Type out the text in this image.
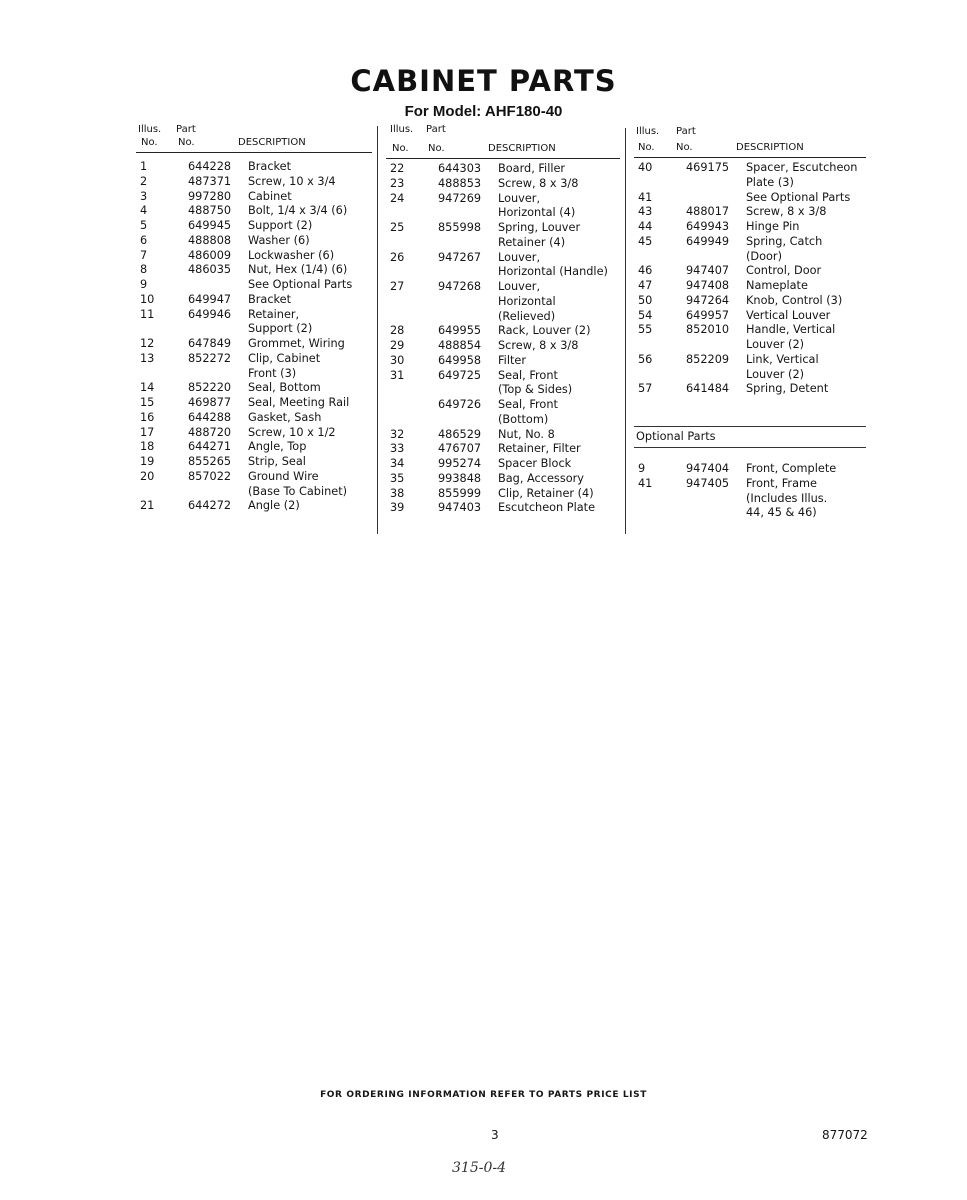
CABINET PARTS
For Model: AHF180-40
Illus. Part
No. No.	DESCRIPTION
1	644228 Bracket
2	487371 Screw, 10 x 3/4
3	997280 Cabinet
4	488750 Bolt, 1/4 x 3/4 (6)
5	649945 Support (2)
6	488808 Washer (6)
7	486009 Lockwasher (6)
8	486035 Nut, Hex (1/4) (6)
9	See Optional Parts
10	649947 Bracket
11	649946 Retainer,
Support (2)
12	647849 Grommet, Wiring
13	852272 Clip, Cabinet
Front (3)
14	852220 Seal, Bottom
15	469877 Seal, Meeting Rail
16	644288 Gasket, Sash
17	488720 Screw, 10 x 1/2
18	644271 Angle, Top
19	855265 Strip, Seal
20	857022 Ground Wire
(Base To Cabinet)
21	644272 Angle (2)
Illus. Part
No. No.	DESCRIPTION
22	644303 Board, Filler
23	488853 Screw, 8 x 3/8
24	947269 Louver,
Horizontal (4)
25	855998 Spring, Louver
Retainer (4)
26	947267 Louver,
Horizontal (Handle)
27	947268 Louver,
Horizontal
(Relieved)
28	649955 Rack, Louver (2)
29	488854 Screw, 8 x 3/8
30	649958 Filter
31	649725 Seal, Front
(Top & Sides)
649726 Seal, Front
(Bottom)
32	486529 Nut, No. 8
33	476707 Retainer, Filter
34	995274 Spacer Block
35	993848 Bag, Accessory
38	855999 Clip, Retainer (4)
39	947403 Escutcheon Plate
Illus. Part
No. No.	DESCRIPTION
40	469175 Spacer, Escutcheon
Plate (3)
41	See Optional Parts
43	488017 Screw, 8 x 3/8
44	649943 Hinge Pin
45	649949 Spring, Catch
(Door)
46	947407 Control, Door
47	947408 Nameplate
50	947264 Knob, Control (3)
54	649957 Vertical Louver
55	852010 Handle, Vertical
Louver (2)
56	852209 Link, Vertical
Louver (2)
57	641484 Spring, Detent
Optional Parts
9	947404 Front, Complete
41	947405 Front, Frame
(Includes Illus.
44, 45 & 46)
FOR ORDERING INFORMATION REFER TO PARTS PRICE LIST
3	877072
315-0-4
